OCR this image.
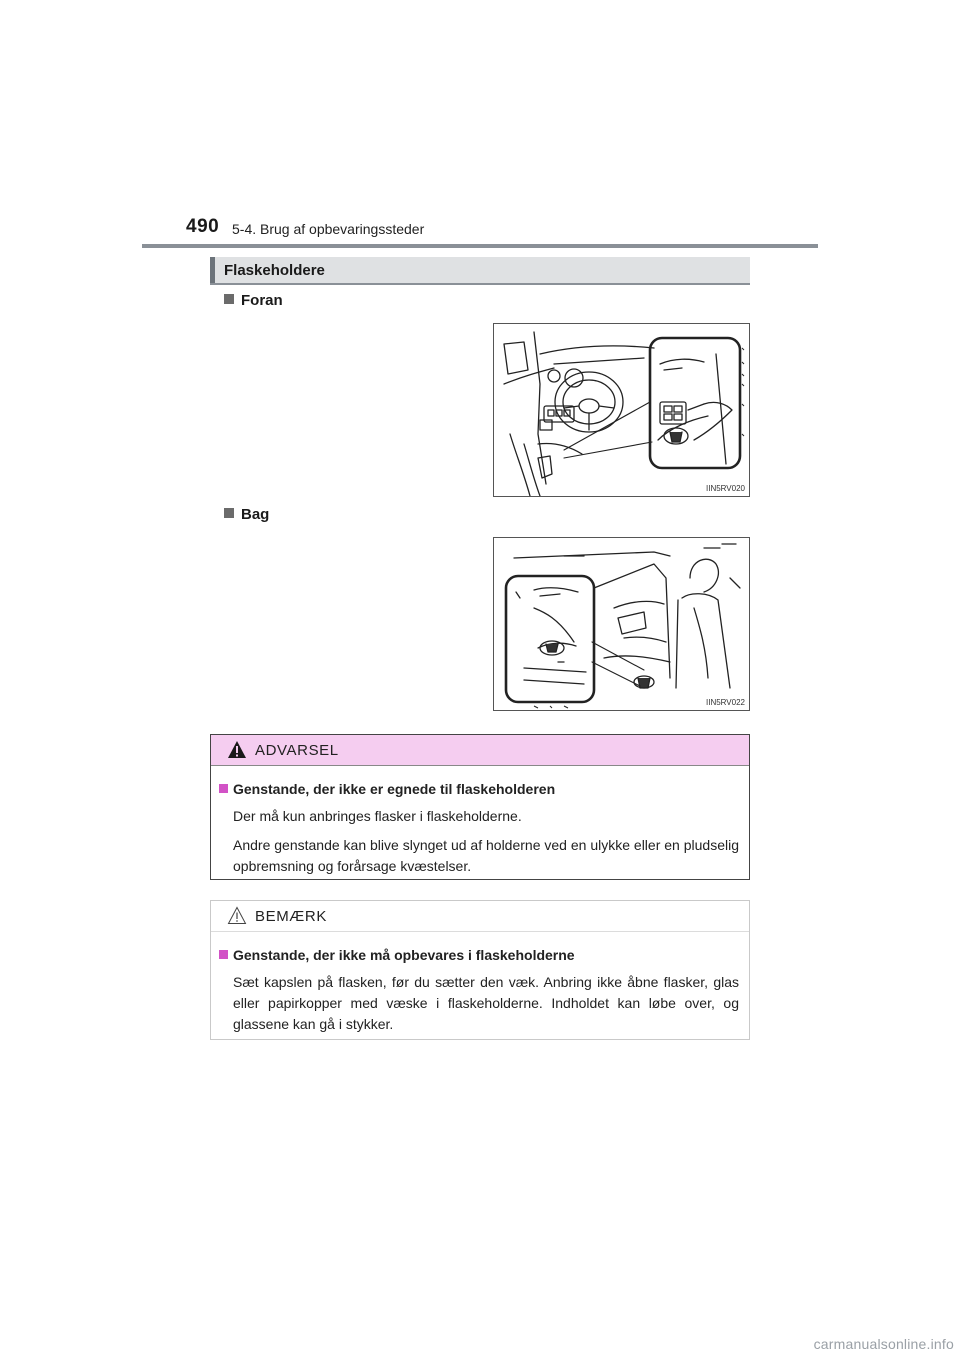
490 5-4. Brug af opbevaringssteder
Flaskeholdere
Foran
IIN5RV020
Bag
IIN5RV022
ADVARSEL
Genstande, der ikke er egnede til flaskeholderen

Der må kun anbringes flasker i flaskeholderne.

Andre genstande kan blive slynget ud af holderne ved en ulykke eller en pludselig opbremsning og forårsage kvæstelser.

BEMÆRK
Genstande, der ikke må opbevares i flaskeholderne

Sæt kapslen på flasken, før du sætter den væk. Anbring ikke åbne flasker, glas eller papirkopper med væske i flaskeholderne. Indholdet kan løbe over, og glassene kan gå i stykker.

carmanualsonline.info
